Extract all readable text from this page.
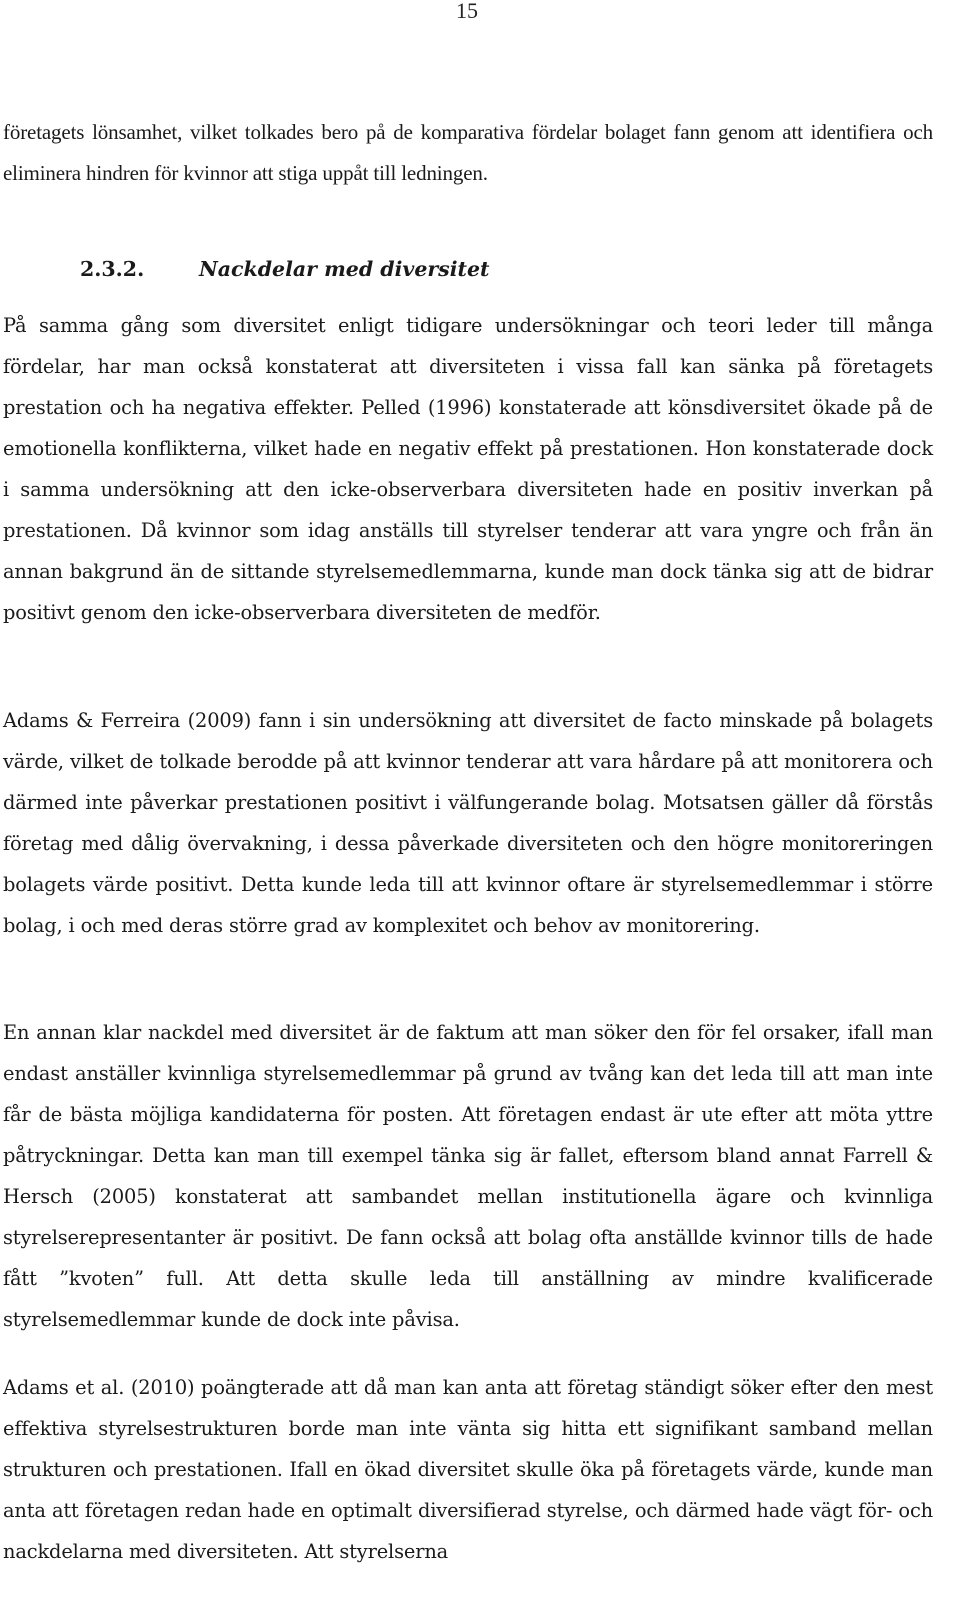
15

företagets lönsamhet, vilket tolkades bero på de komparativa fördelar bolaget fann genom att identifiera och eliminera hindren för kvinnor att stiga uppåt till ledningen.

2.3.2.	Nackdelar med diversitet

På samma gång som diversitet enligt tidigare undersökningar och teori leder till många fördelar, har man också konstaterat att diversiteten i vissa fall kan sänka på företagets prestation och ha negativa effekter. Pelled (1996) konstaterade att könsdiversitet ökade på de emotionella konflikterna, vilket hade en negativ effekt på prestationen. Hon konstaterade dock i samma undersökning att den icke-observerbara diversiteten hade en positiv inverkan på prestationen. Då kvinnor som idag anställs till styrelser tenderar att vara yngre och från än annan bakgrund än de sittande styrelsemedlemmarna, kunde man dock tänka sig att de bidrar positivt genom den icke-observerbara diversiteten de medför.

Adams & Ferreira (2009) fann i sin undersökning att diversitet de facto minskade på bolagets värde, vilket de tolkade berodde på att kvinnor tenderar att vara hårdare på att monitorera och därmed inte påverkar prestationen positivt i välfungerande bolag. Motsatsen gäller då förstås företag med dålig övervakning, i dessa påverkade diversiteten och den högre monitoreringen bolagets värde positivt. Detta kunde leda till att kvinnor oftare är styrelsemedlemmar i större bolag, i och med deras större grad av komplexitet och behov av monitorering.

En annan klar nackdel med diversitet är de faktum att man söker den för fel orsaker, ifall man endast anställer kvinnliga styrelsemedlemmar på grund av tvång kan det leda till att man inte får de bästa möjliga kandidaterna för posten. Att företagen endast är ute efter att möta yttre påtryckningar. Detta kan man till exempel tänka sig är fallet, eftersom bland annat Farrell & Hersch (2005) konstaterat att sambandet mellan institutionella ägare och kvinnliga styrelserepresentanter är positivt. De fann också att bolag ofta anställde kvinnor tills de hade fått ”kvoten” full. Att detta skulle leda till anställning av mindre kvalificerade styrelsemedlemmar kunde de dock inte påvisa.

Adams et al. (2010) poängterade att då man kan anta att företag ständigt söker efter den mest effektiva styrelsestrukturen borde man inte vänta sig hitta ett signifikant samband mellan strukturen och prestationen. Ifall en ökad diversitet skulle öka på företagets värde, kunde man anta att företagen redan hade en optimalt diversifierad styrelse, och därmed hade vägt för- och nackdelarna med diversiteten. Att styrelserna
